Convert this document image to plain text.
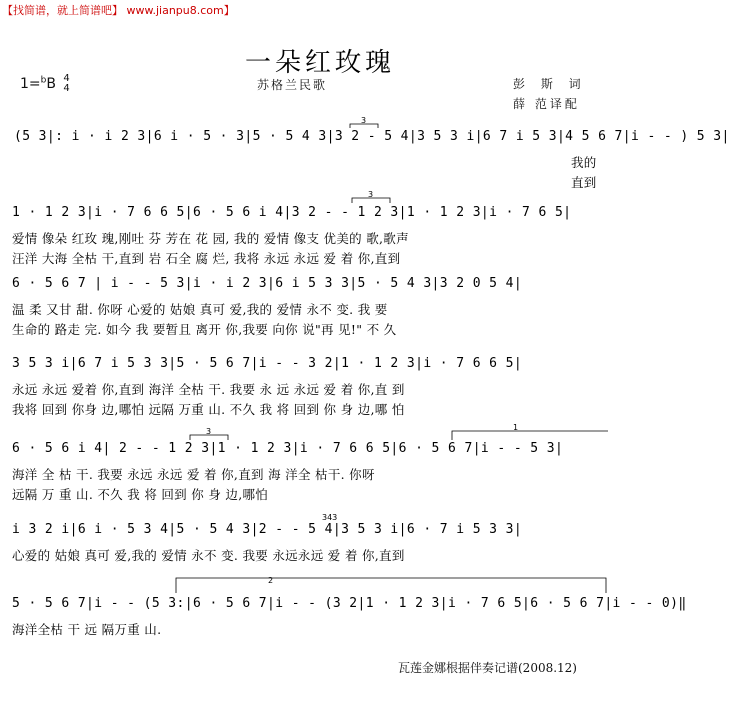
【找简谱，就上简谱吧】 www.jianpu8.com】
一朵红玫瑰
1=$^b$B 4
4	苏格兰民歌	彭 斯 词
薛 范译配
(5 3|: i · i 2 3|6 i · 5 · 3|5 · 5 4 3|3 2 - 5 4|3 5 3 i|6 7 i 5 3|4 5 6 7|i - - ) 5 3|
我的
直到
1 · 1 2 3|i · 7 6 6 5|6 · 5 6 i 4|3 2 - - 1 2 3|1 · 1 2 3|i · 7 6 5|
爱情 像朵 红玫 瑰,刚吐 芬 芳在 花 园, 我的 爱情 像支 优美的 歌,歌声
汪洋 大海 全枯 干,直到 岩 石全 腐 烂, 我将 永远 永远 爱 着 你,直到
6 · 5 6 7 | i - - 5 3|i · i 2 3|6 i 5 3 3|5 · 5 4 3|3 2 0 5 4|
温 柔 又甘 甜. 你呀 心爱的 姑娘 真可 爱,我的 爱情 永不 变. 我 要
生命的 路走 完. 如今 我 要暂且 离开 你,我要 向你 说"再 见!" 不 久
3 5 3 i|6 7 i 5 3 3|5 · 5 6 7|i - - 3 2|1 · 1 2 3|i · 7 6 6 5|
永远 永远 爱着 你,直到 海洋 全枯 干. 我要 永 远 永远 爱 着 你,直 到
我将 回到 你身 边,哪怕 远隔 万重 山. 不久 我 将 回到 你 身 边,哪 怕
6 · 5 6 i 4| 2 - - 1 2 3|1 · 1 2 3|i · 7 6 6 5|6 · 5 6 7|i - - 5 3|
海洋 全 枯 干. 我要 永远 永远 爱 着 你,直到 海 洋全 枯干. 你呀
远隔 万 重 山. 不久 我 将 回到 你 身 边,哪怕
i 3 2 i|6 i · 5 3 4|5 · 5 4 3|2 - - 5 4|3 5 3 i|6 · 7 i 5 3 3|
心爱的 姑娘 真可 爱,我的 爱情 永不 变. 我要 永远永远 爱 着 你,直到
5 · 5 6 7|i - - (5 3:|6 · 5 6 7|i - - (3 2|1 · 1 2 3|i · 7 6 5|6 · 5 6 7|i - - 0)‖
海洋全枯 干 远 隔万重 山.
3
3
3	1
2
343
瓦莲金娜根据伴奏记谱(2008.12)
